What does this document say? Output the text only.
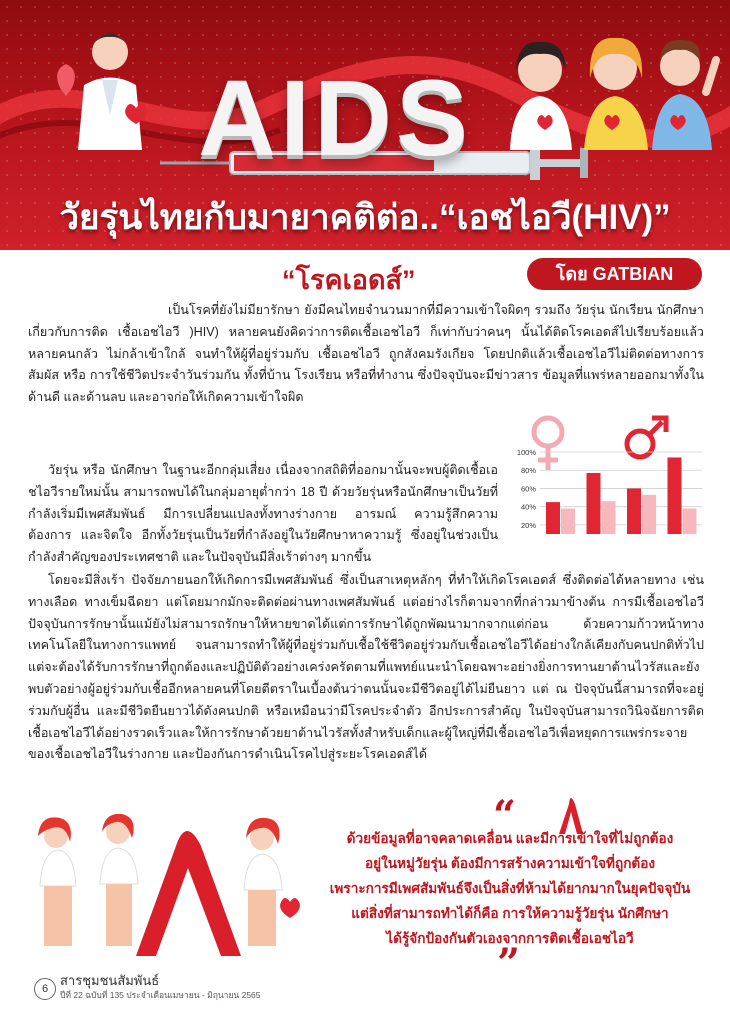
AIDS
วัยรุ่นไทยกับมายาคติต่อ..“เอชไอวี(HIV)”
“โรคเอดส์”	โดย GATBIAN

เป็นโรคที่ยังไม่มียารักษา ยังมีคนไทยจำนวนมากที่มีความเข้าใจผิดๆ รวมถึง วัยรุ่น นักเรียน นักศึกษา เกี่ยวกับการติด เชื้อเอชไอวี )HIV) หลายคนยังคิดว่าการติดเชื้อเอชไอวี ก็เท่ากับว่าคนๆ นั้นได้ติดโรคเอดส์ไปเรียบร้อยแล้ว หลายคนกลัว ไม่กล้าเข้าใกล้ จนทำให้ผู้ที่อยู่ร่วมกับ เชื้อเอชไอวี ถูกสังคมรังเกียจ โดยปกติแล้วเชื้อเอชไอวีไม่ติดต่อทางการสัมผัส หรือ การใช้ชีวิตประจำวันร่วมกัน ทั้งที่บ้าน โรงเรียน หรือที่ทำงาน ซึ่งปัจจุบันจะมีข่าวสาร ข้อมูลที่แพร่หลายออกมาทั้งในด้านดี และด้านลบ และอาจก่อให้เกิดความเข้าใจผิด

วัยรุ่น หรือ นักศึกษา ในฐานะอีกกลุ่มเสี่ยง เนื่องจากสถิติที่ออกมานั้นจะพบผู้ติดเชื้อเอชไอวีรายใหม่นั้น สามารถพบได้ในกลุ่มอายุต่ำกว่า 18 ปี ด้วยวัยรุ่นหรือนักศึกษาเป็นวัยที่กำลังเริ่มมีเพศสัมพันธ์ มีการเปลี่ยนแปลงทั้งทางร่างกาย อารมณ์ ความรู้สึกความต้องการ และจิตใจ อีกทั้งวัยรุ่นเป็นวัยที่กำลังอยู่ในวัยศึกษาหาความรู้ ซึ่งอยู่ในช่วงเป็นกำลังสำคัญของประเทศชาติ และในปัจจุบันมีสิ่งเร้าต่างๆ มากขึ้น

โดยจะมีสิ่งเร้า ปัจจัยภายนอกให้เกิดการมีเพศสัมพันธ์ ซึ่งเป็นสาเหตุหลักๆ ที่ทำให้เกิดโรคเอดส์ ซึ่งติดต่อได้หลายทาง เช่น ทางเลือด ทางเข็มฉีดยา แต่โดยมากมักจะติดต่อผ่านทางเพศสัมพันธ์ แต่อย่างไรก็ตามจากที่กล่าวมาข้างต้น การมีเชื้อเอชไอวี ปัจจุบันการรักษานั้นแม้ยังไม่สามารถรักษาให้หายขาดได้แต่การรักษาได้ถูกพัฒนามากจากแต่ก่อน ด้วยความก้าวหน้าทางเทคโนโลยีในทางการแพทย์ จนสามารถทำให้ผู้ที่อยู่ร่วมกับเชื้อใช้ชีวิตอยู่ร่วมกับเชื้อเอชไอวีได้อย่างใกล้เคียงกับคนปกติทั่วไปแต่จะต้องได้รับการรักษาที่ถูกต้องและปฏิบัติตัวอย่างเคร่งครัดตามที่แพทย์แนะนำโดยฉพาะอย่างยิ่งการทานยาต้านไวรัสและยังพบตัวอย่างผู้อยู่ร่วมกับเชื้ออีกหลายคนที่โดยตีตราในเบื้องต้นว่าตนนั้นจะมีชีวิตอยู่ได้ไม่ยืนยาว แต่ ณ ปัจจุบันนี้สามารถที่จะอยู่ร่วมกับผู้อื่น และมีชีวิตยืนยาวได้ดังคนปกติ หรือเหมือนว่ามีโรคประจำตัว อีกประการสำคัญ ในปัจจุบันสามารถวินิจฉัยการติดเชื้อเอชไอวีได้อย่างรวดเร็วและให้การรักษาด้วยยาต้านไวรัสทั้งสำหรับเด็กและผู้ใหญ่ที่มีเชื้อเอชไอวีเพื่อหยุดการแพร่กระจายของเชื้อเอชไอวีในร่างกาย และป้องกันการดำเนินโรคไปสู่ระยะโรคเอดส์ได้

100%
80%
60%
40%
20%
“
ด้วยข้อมูลที่อาจคลาดเคลื่อน และมีการเข้าใจที่ไม่ถูกต้อง
อยู่ในหมู่วัยรุ่น ต้องมีการสร้างความเข้าใจที่ถูกต้อง
เพราะการมีเพศสัมพันธ์จึงเป็นสิ่งที่ห้ามได้ยากมากในยุคปัจจุบัน
แต่สิ่งที่สามารถทำได้ก็คือ การให้ความรู้วัยรุ่น นักศึกษา
ได้รู้จักป้องกันตัวเองจากการติดเชื้อเอชไอวี
”
6
สารชุมชนสัมพันธ์
ปีที่ 22 ฉบับที่ 135 ประจำเดือนเมษายน - มิถุนายน 2565
